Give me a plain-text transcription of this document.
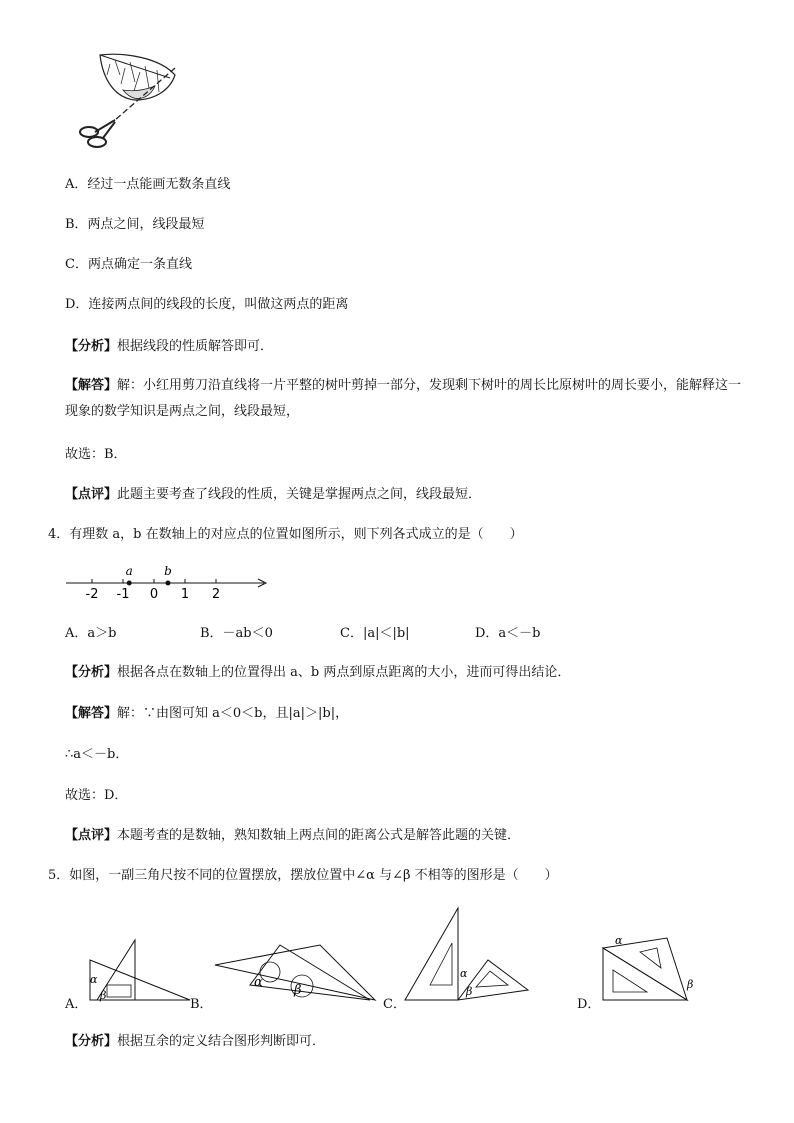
A．经过一点能画无数条直线
B．两点之间，线段最短
C．两点确定一条直线
D．连接两点间的线段的长度，叫做这两点的距离
【分析】根据线段的性质解答即可．
【解答】解：小红用剪刀沿直线将一片平整的树叶剪掉一部分，发现剩下树叶的周长比原树叶的周长要小，能解释这一现象的数学知识是两点之间，线段最短，
故选：B．
【点评】此题主要考查了线段的性质，关键是掌握两点之间，线段最短．
4．有理数 a，b 在数轴上的对应点的位置如图所示，则下列各式成立的是（　　）
-2 -1 0 1 2
a	b
A．a＞b	B．－ab＜0	C．|a|＜|b|	D．a＜－b
【分析】根据各点在数轴上的位置得出 a、b 两点到原点距离的大小，进而可得出结论．
【解答】解：∵由图可知 a＜0＜b，且|a|＞|b|，
∴a＜－b．
故选：D．
【点评】本题考查的是数轴，熟知数轴上两点间的距离公式是解答此题的关键．
5．如图，一副三角尺按不同的位置摆放，摆放位置中∠α 与∠β 不相等的图形是（　　）
A．
α
β
B．
α
β
C．
α
β
D．
α
β
【分析】根据互余的定义结合图形判断即可．
